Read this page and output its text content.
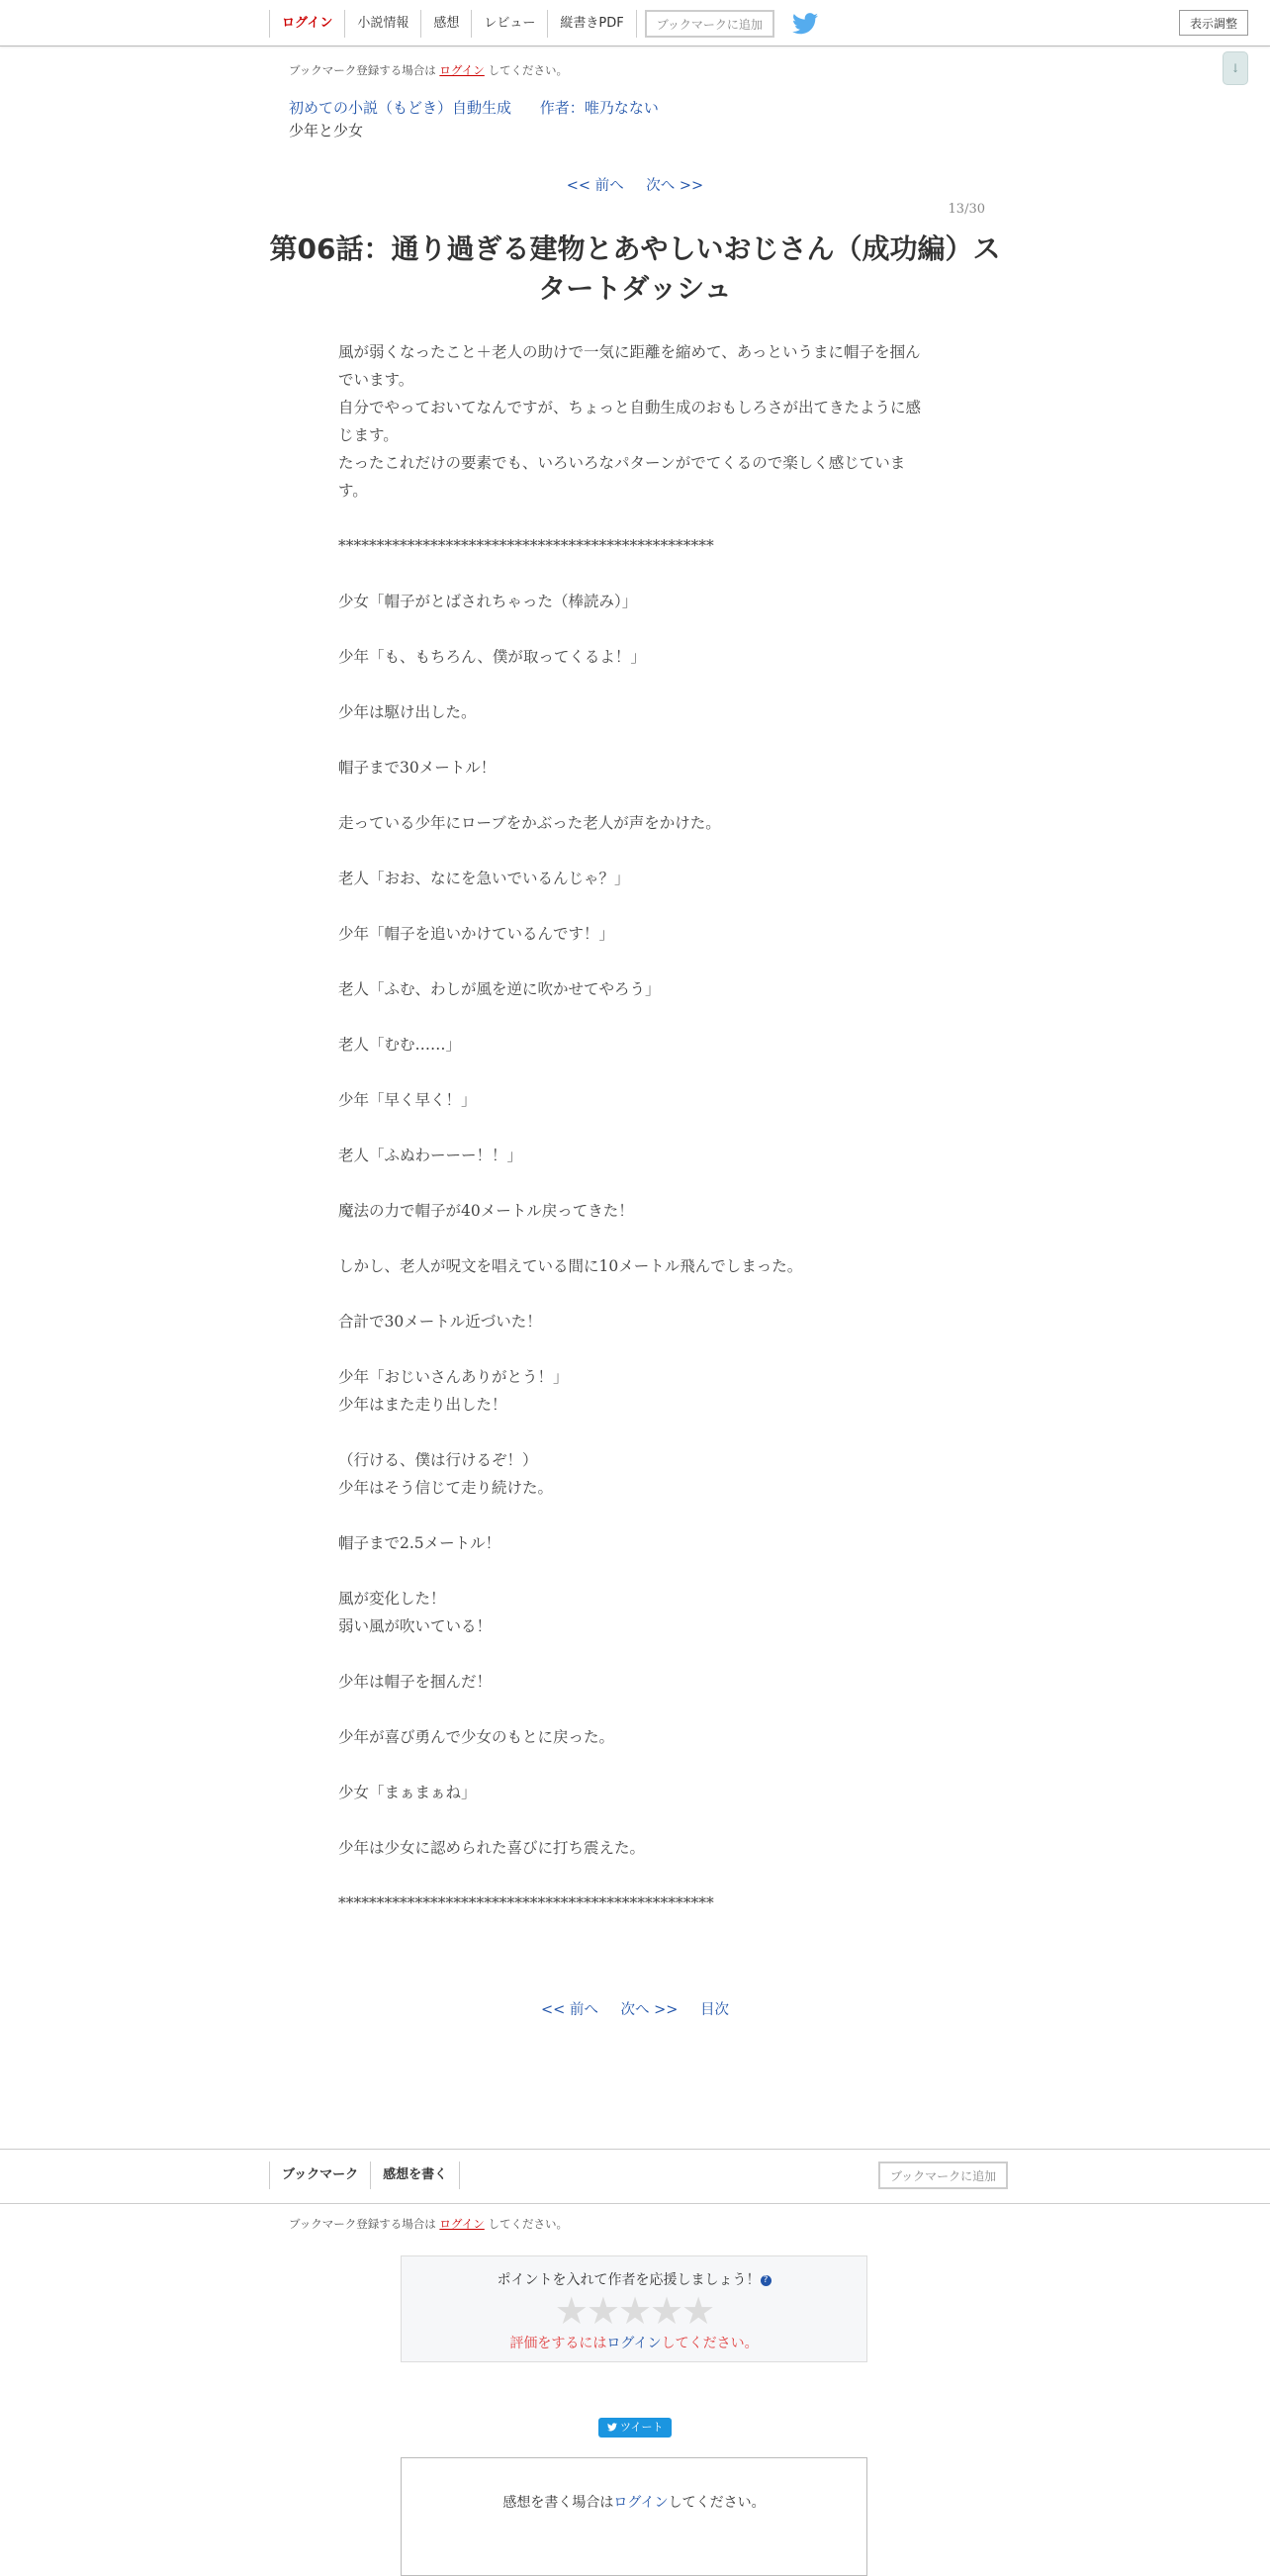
ログイン	小説情報	感想	レビュー	縦書きPDF	ブックマークに追加	表示調整
↓
ブックマーク登録する場合は ログイン してください。
初めての小説（もどき）自動生成 作者：唯乃なない
少年と少女
<< 前へ 次へ >>
13/30
第06話：通り過ぎる建物とあやしいおじさん（成功編）スタートダッシュ

風が弱くなったこと＋老人の助けで一気に距離を縮めて、あっというまに帽子を掴んでいます。

自分でやっておいてなんですが、ちょっと自動生成のおもしろさが出てきたように感じます。

たったこれだけの要素でも、いろいろなパターンがでてくるので楽しく感じています。

*************************************************

少女「帽子がとばされちゃった（棒読み）」

少年「も、もちろん、僕が取ってくるよ！」

少年は駆け出した。

帽子まで30メートル！

走っている少年にローブをかぶった老人が声をかけた。

老人「おお、なにを急いでいるんじゃ？」

少年「帽子を追いかけているんです！」

老人「ふむ、わしが風を逆に吹かせてやろう」

老人「むむ……」

少年「早く早く！」

老人「ふぬわーーー！！」

魔法の力で帽子が40メートル戻ってきた！

しかし、老人が呪文を唱えている間に10メートル飛んでしまった。

合計で30メートル近づいた！

少年「おじいさんありがとう！」

少年はまた走り出した！

（行ける、僕は行けるぞ！）

少年はそう信じて走り続けた。

帽子まで2.5メートル！

風が変化した！

弱い風が吹いている！

少年は帽子を掴んだ！

少年が喜び勇んで少女のもとに戻った。

少女「まぁまぁね」

少年は少女に認められた喜びに打ち震えた。

*************************************************

<< 前へ 次へ >> 目次
ブックマーク	感想を書く	ブックマークに追加
ブックマーク登録する場合は ログイン してください。
ポイントを入れて作者を応援しましょう！ ?
★★★★★
評価をするにはログインしてください。
ツイート
感想を書く場合はログインしてください。
